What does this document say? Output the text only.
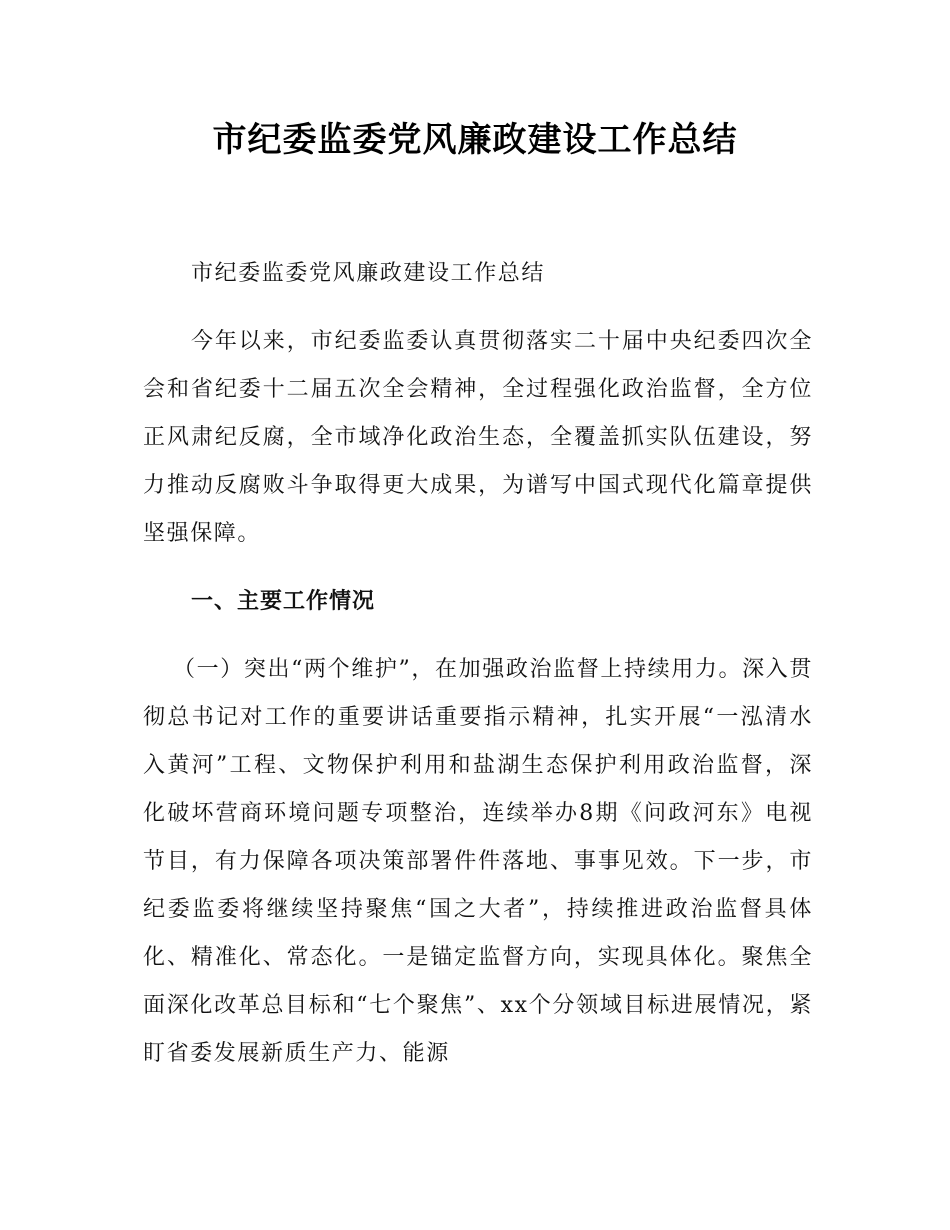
市纪委监委党风廉政建设工作总结

市纪委监委党风廉政建设工作总结

今年以来，市纪委监委认真贯彻落实二十届中央纪委四次全会和省纪委十二届五次全会精神，全过程强化政治监督，全方位正风肃纪反腐，全市域净化政治生态，全覆盖抓实队伍建设，努力推动反腐败斗争取得更大成果，为谱写中国式现代化篇章提供坚强保障。

一、主要工作情况

（一）突出“两个维护”，在加强政治监督上持续用力。深入贯彻总书记对工作的重要讲话重要指示精神，扎实开展“一泓清水入黄河”工程、文物保护利用和盐湖生态保护利用政治监督，深化破坏营商环境问题专项整治，连续举办8期《问政河东》电视节目，有力保障各项决策部署件件落地、事事见效。下一步，市纪委监委将继续坚持聚焦“国之大者”，持续推进政治监督具体化、精准化、常态化。一是锚定监督方向，实现具体化。聚焦全面深化改革总目标和“七个聚焦”、xx个分领域目标进展情况，紧盯省委发展新质生产力、能源
